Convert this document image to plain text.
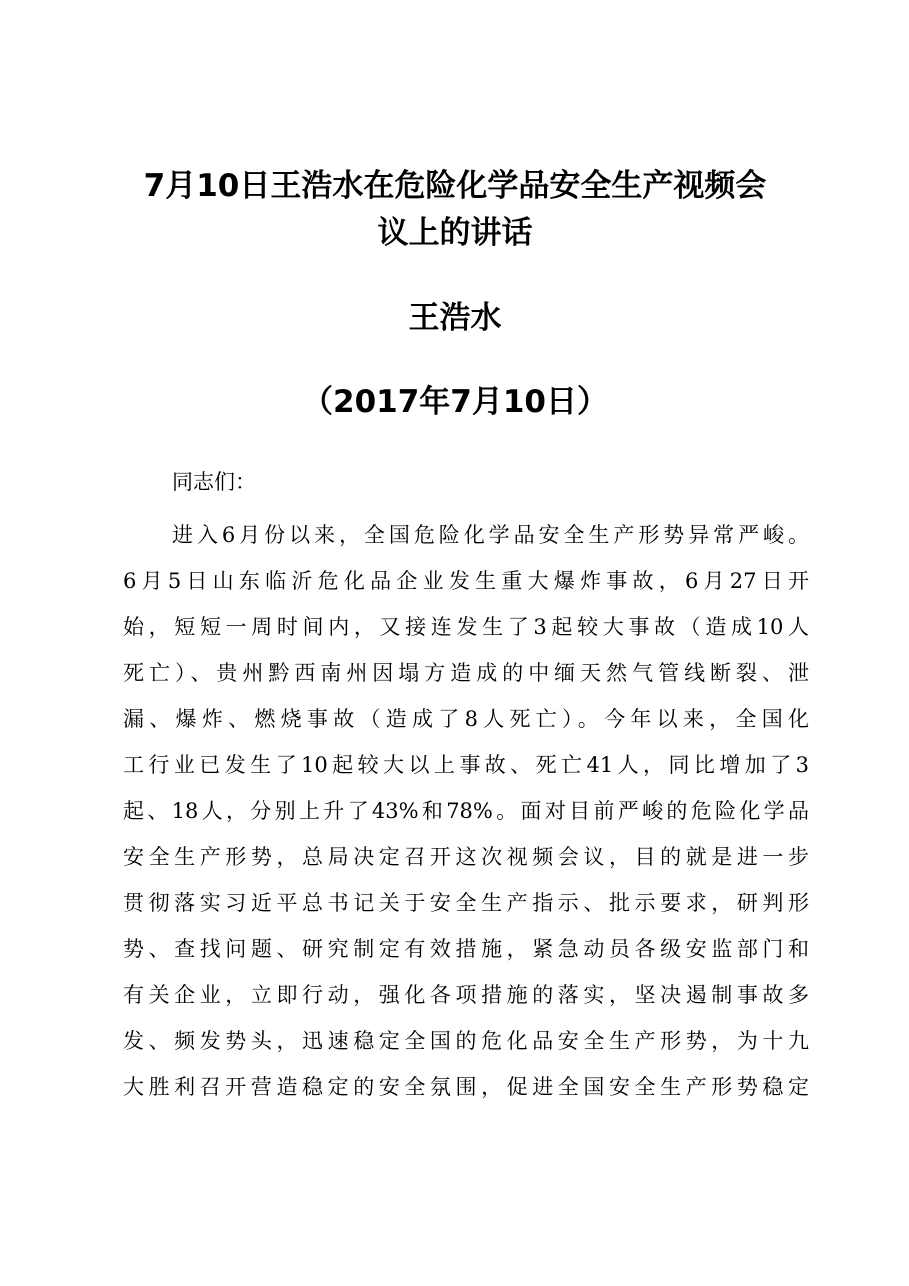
7月10日王浩水在危险化学品安全生产视频会
议上的讲话

王浩水

（2017年7月10日）

同志们：

进入6月份以来，全国危险化学品安全生产形势异常严峻。
6月5日山东临沂危化品企业发生重大爆炸事故，6月27日开
始，短短一周时间内，又接连发生了3起较大事故（造成10人
死亡）、贵州黔西南州因塌方造成的中缅天然气管线断裂、泄
漏、爆炸、燃烧事故（造成了8人死亡）。今年以来，全国化
工行业已发生了10起较大以上事故、死亡41人，同比增加了3
起、18人，分别上升了43%和78%。面对目前严峻的危险化学品
安全生产形势，总局决定召开这次视频会议，目的就是进一步
贯彻落实习近平总书记关于安全生产指示、批示要求，研判形
势、查找问题、研究制定有效措施，紧急动员各级安监部门和
有关企业，立即行动，强化各项措施的落实，坚决遏制事故多
发、频发势头，迅速稳定全国的危化品安全生产形势，为十九
大胜利召开营造稳定的安全氛围，促进全国安全生产形势稳定
